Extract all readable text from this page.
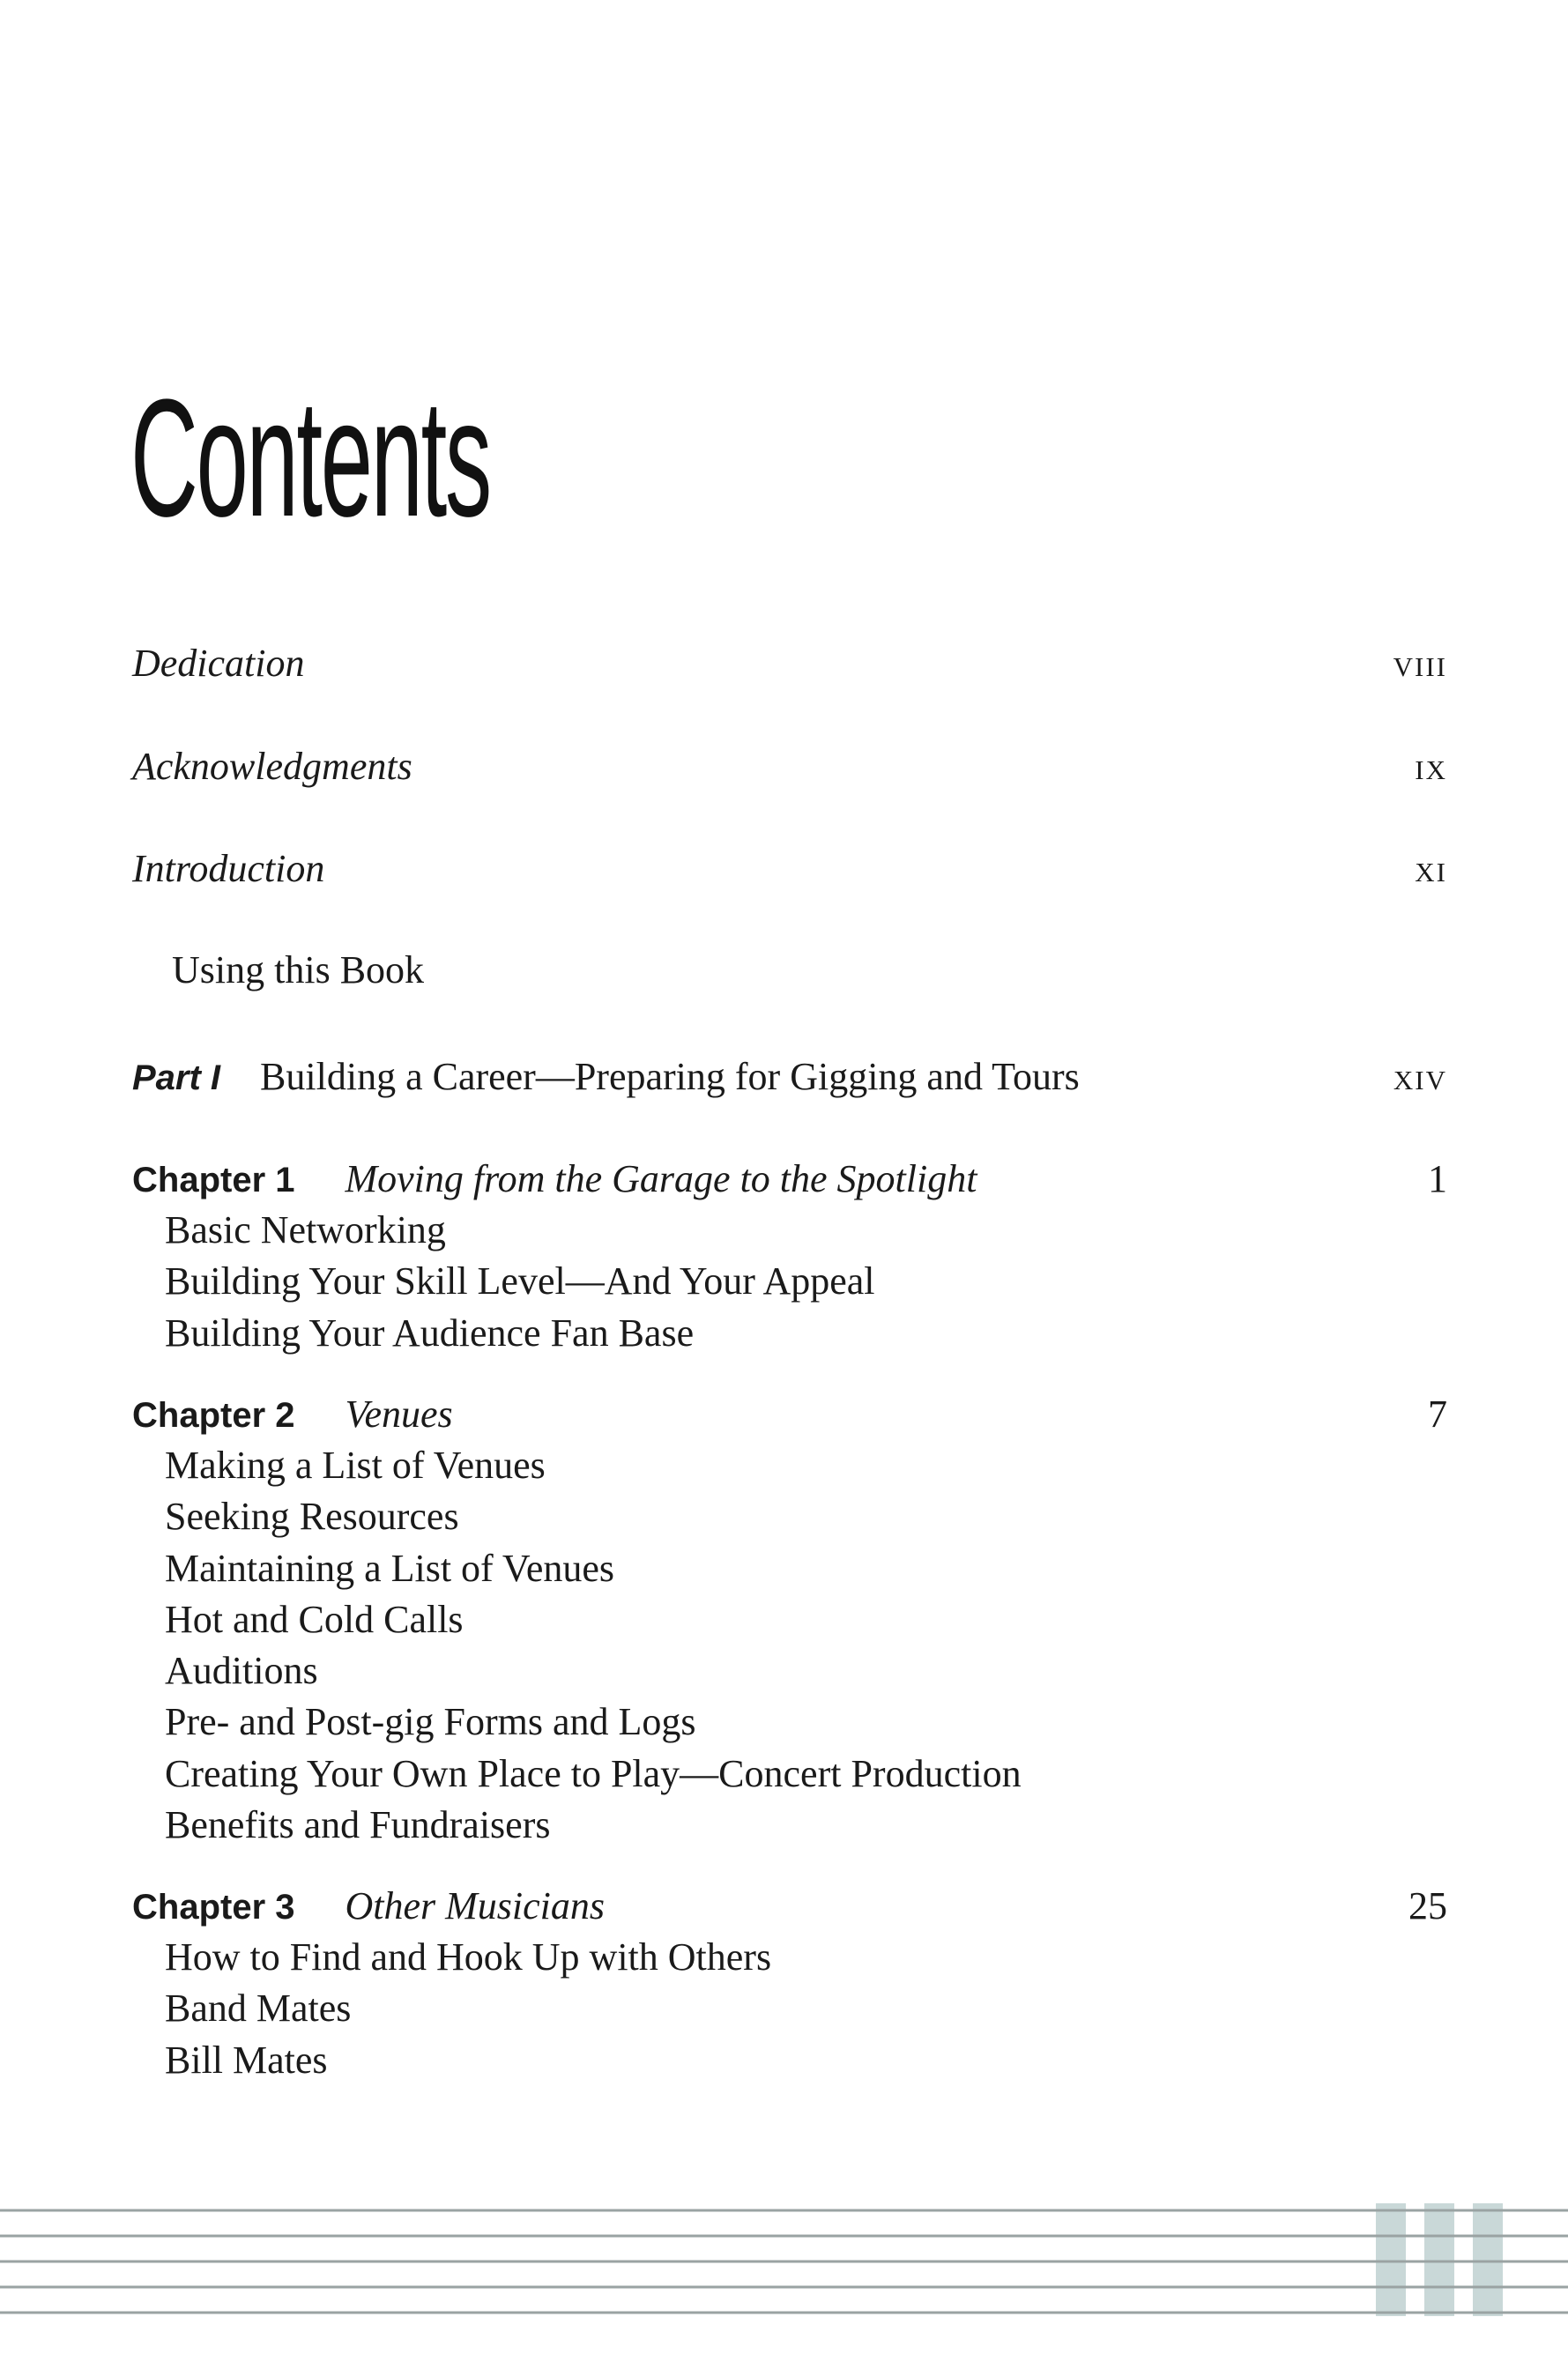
Contents
Dedication	viii
Acknowledgments	ix
Introduction	xi
Using this Book
Part I Building a Career—Preparing for Gigging and Tours	xiv
Chapter 1 Moving from the Garage to the Spotlight	1
Basic Networking
Building Your Skill Level—And Your Appeal
Building Your Audience Fan Base
Chapter 2 Venues	7
Making a List of Venues
Seeking Resources
Maintaining a List of Venues
Hot and Cold Calls
Auditions
Pre- and Post-gig Forms and Logs
Creating Your Own Place to Play—Concert Production
Benefits and Fundraisers
Chapter 3 Other Musicians	25
How to Find and Hook Up with Others
Band Mates
Bill Mates
